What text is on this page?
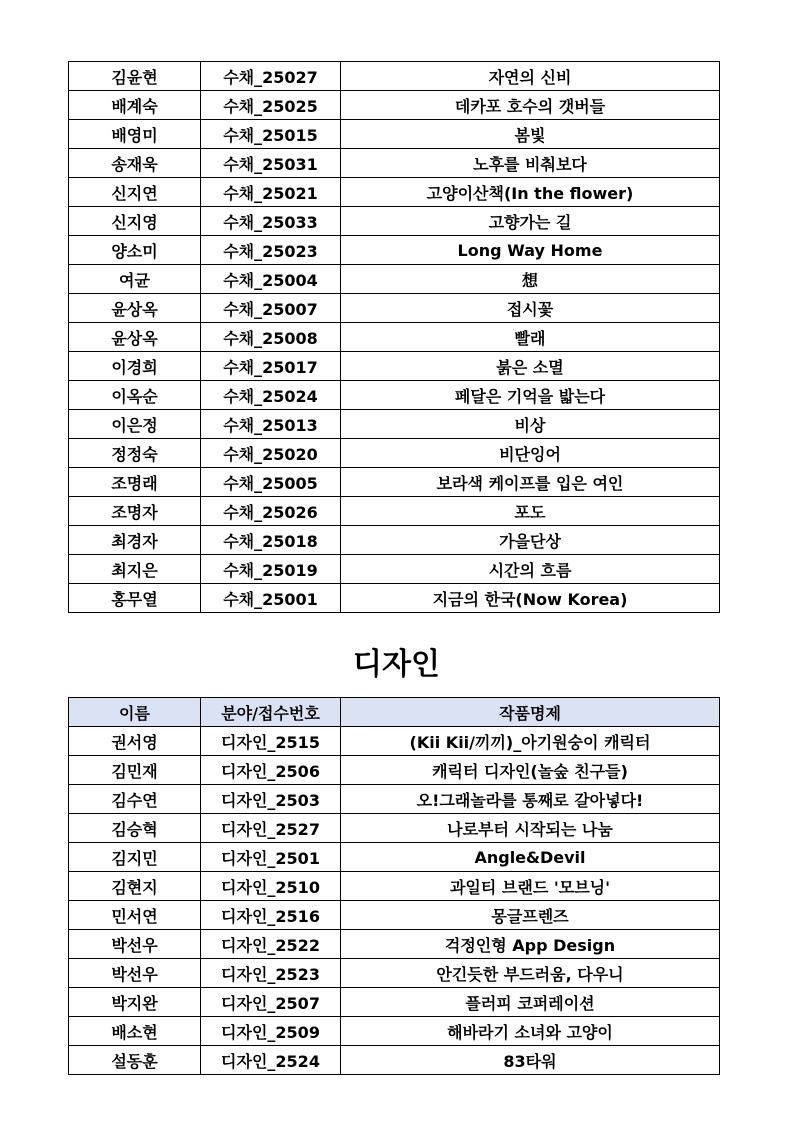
김윤현	수채_25027	자연의 신비
배계숙	수채_25025	데카포 호수의 갯버들
배영미	수채_25015	봄빛
송재욱	수채_25031	노후를 비춰보다
신지연	수채_25021	고양이산책(In the flower)
신지영	수채_25033	고향가는 길
양소미	수채_25023	Long Way Home
여균	수채_25004	想
윤상옥	수채_25007	접시꽃
윤상옥	수채_25008	빨래
이경희	수채_25017	붉은 소멸
이옥순	수채_25024	페달은 기억을 밟는다
이은정	수채_25013	비상
정정숙	수채_25020	비단잉어
조명래	수채_25005	보라색 케이프를 입은 여인
조명자	수채_25026	포도
최경자	수채_25018	가을단상
최지은	수채_25019	시간의 흐름
홍무열	수채_25001	지금의 한국(Now Korea)
디자인
이름	분야/접수번호	작품명제
권서영	디자인_2515	(Kii Kii/끼끼)_아기원숭이 캐릭터
김민재	디자인_2506	캐릭터 디자인(놀숲 친구들)
김수연	디자인_2503	오!그래놀라를 통째로 갈아넣다!
김승혁	디자인_2527	나로부터 시작되는 나눔
김지민	디자인_2501	Angle&Devil
김현지	디자인_2510	과일티 브랜드 '모브닝'
민서연	디자인_2516	몽글프렌즈
박선우	디자인_2522	걱정인형 App Design
박선우	디자인_2523	안긴듯한 부드러움, 다우니
박지완	디자인_2507	플러피 코퍼레이션
배소현	디자인_2509	해바라기 소녀와 고양이
설동훈	디자인_2524	83타워
